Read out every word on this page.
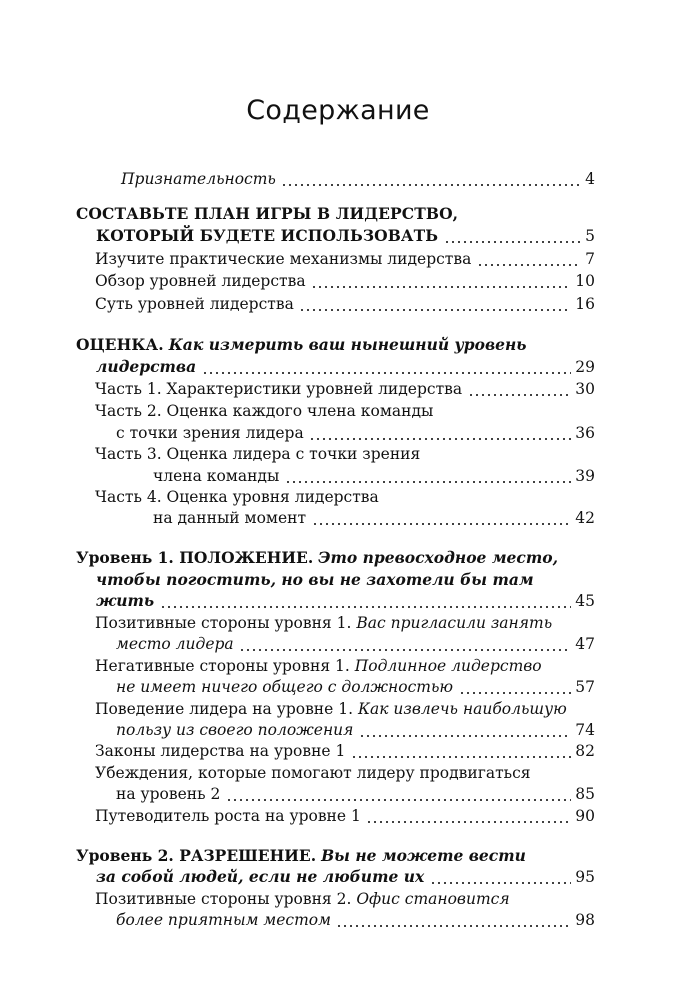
Содержание
Признательность	4
СОСТАВЬТЕ ПЛАН ИГРЫ В ЛИДЕРСТВО,
КОТОРЫЙ БУДЕТЕ ИСПОЛЬЗОВАТЬ	5
Изучите практические механизмы лидерства	7
Обзор уровней лидерства	10
Суть уровней лидерства	16
ОЦЕНКА. Как измерить ваш нынешний уровень
лидерства	29
Часть 1. Характеристики уровней лидерства	30
Часть 2. Оценка каждого члена команды
с точки зрения лидера	36
Часть 3. Оценка лидера с точки зрения
члена команды	39
Часть 4. Оценка уровня лидерства
на данный момент	42
Уровень 1. ПОЛОЖЕНИЕ. Это превосходное место,
чтобы погостить, но вы не захотели бы там
жить	45
Позитивные стороны уровня 1. Вас пригласили занять
место лидера	47
Негативные стороны уровня 1. Подлинное лидерство
не имеет ничего общего с должностью	57
Поведение лидера на уровне 1. Как извлечь наибольшую
пользу из своего положения	74
Законы лидерства на уровне 1	82
Убеждения, которые помогают лидеру продвигаться
на уровень 2	85
Путеводитель роста на уровне 1	90
Уровень 2. РАЗРЕШЕНИЕ. Вы не можете вести
за собой людей, если не любите их	95
Позитивные стороны уровня 2. Офис становится
более приятным местом	98
